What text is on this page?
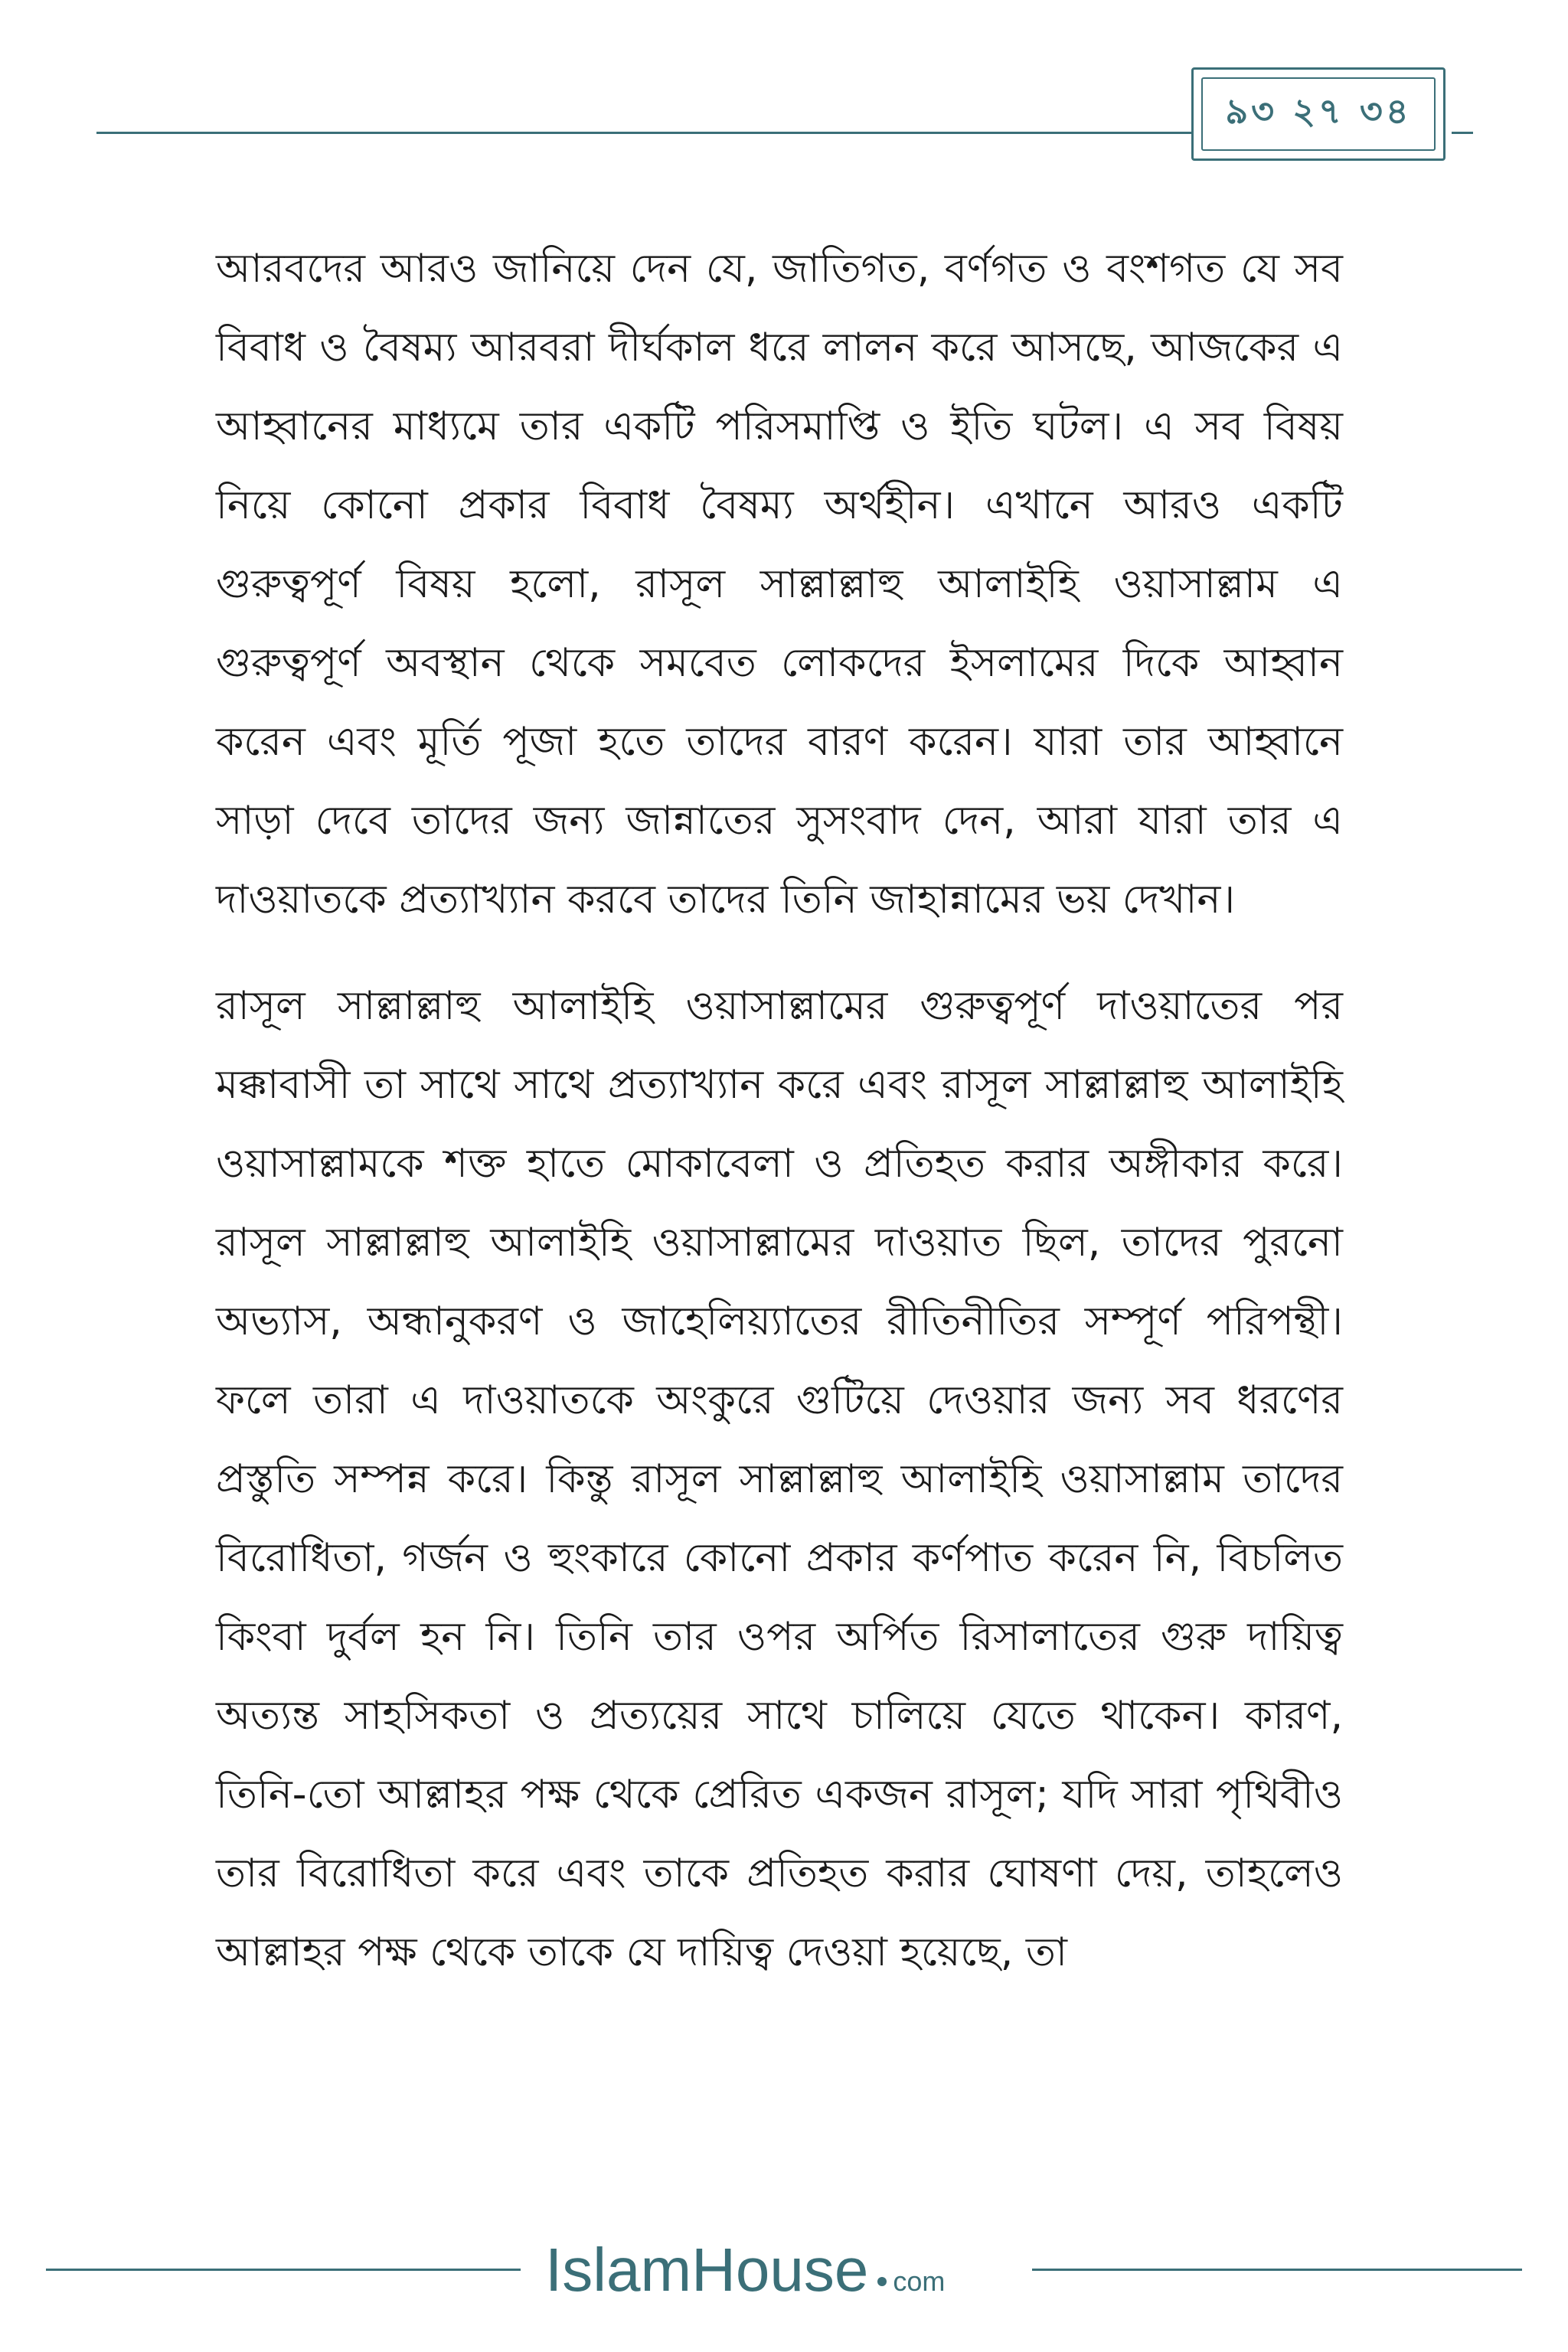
৯৩ ২৭ ৩৪

আরবদের আরও জানিয়ে দেন যে, জাতিগত, বর্ণগত ও বংশগত যে সব বিবাধ ও বৈষম্য আরবরা দীর্ঘকাল ধরে লালন করে আসছে, আজকের এ আহ্বানের মাধ্যমে তার একটি পরিসমাপ্তি ও ইতি ঘটল। এ সব বিষয় নিয়ে কোনো প্রকার বিবাধ বৈষম্য অর্থহীন। এখানে আরও একটি গুরুত্বপূর্ণ বিষয় হলো, রাসূল সাল্লাল্লাহু আলাইহি ওয়াসাল্লাম এ গুরুত্বপূর্ণ অবস্থান থেকে সমবেত লোকদের ইসলামের দিকে আহ্বান করেন এবং মূর্তি পূজা হতে তাদের বারণ করেন। যারা তার আহ্বানে সাড়া দেবে তাদের জন্য জান্নাতের সুসংবাদ দেন, আরা যারা তার এ দাওয়াতকে প্রত্যাখ্যান করবে তাদের তিনি জাহান্নামের ভয় দেখান।

রাসূল সাল্লাল্লাহু আলাইহি ওয়াসাল্লামের গুরুত্বপূর্ণ দাওয়াতের পর মক্কাবাসী তা সাথে সাথে প্রত্যাখ্যান করে এবং রাসূল সাল্লাল্লাহু আলাইহি ওয়াসাল্লামকে শক্ত হাতে মোকাবেলা ও প্রতিহত করার অঙ্গীকার করে। রাসূল সাল্লাল্লাহু আলাইহি ওয়াসাল্লামের দাওয়াত ছিল, তাদের পুরনো অভ্যাস, অন্ধানুকরণ ও জাহেলিয়্যাতের রীতিনীতির সম্পূর্ণ পরিপন্থী। ফলে তারা এ দাওয়াতকে অংকুরে গুটিয়ে দেওয়ার জন্য সব ধরণের প্রস্তুতি সম্পন্ন করে। কিন্তু রাসূল সাল্লাল্লাহু আলাইহি ওয়াসাল্লাম তাদের বিরোধিতা, গর্জন ও হুংকারে কোনো প্রকার কর্ণপাত করেন নি, বিচলিত কিংবা দুর্বল হন নি। তিনি তার ওপর অর্পিত রিসালাতের গুরু দায়িত্ব অত্যন্ত সাহসিকতা ও প্রত্যয়ের সাথে চালিয়ে যেতে থাকেন। কারণ, তিনি-তো আল্লাহর পক্ষ থেকে প্রেরিত একজন রাসূল; যদি সারা পৃথিবীও তার বিরোধিতা করে এবং তাকে প্রতিহত করার ঘোষণা দেয়, তাহলেও আল্লাহর পক্ষ থেকে তাকে যে দায়িত্ব দেওয়া হয়েছে, তা

IslamHouse com
